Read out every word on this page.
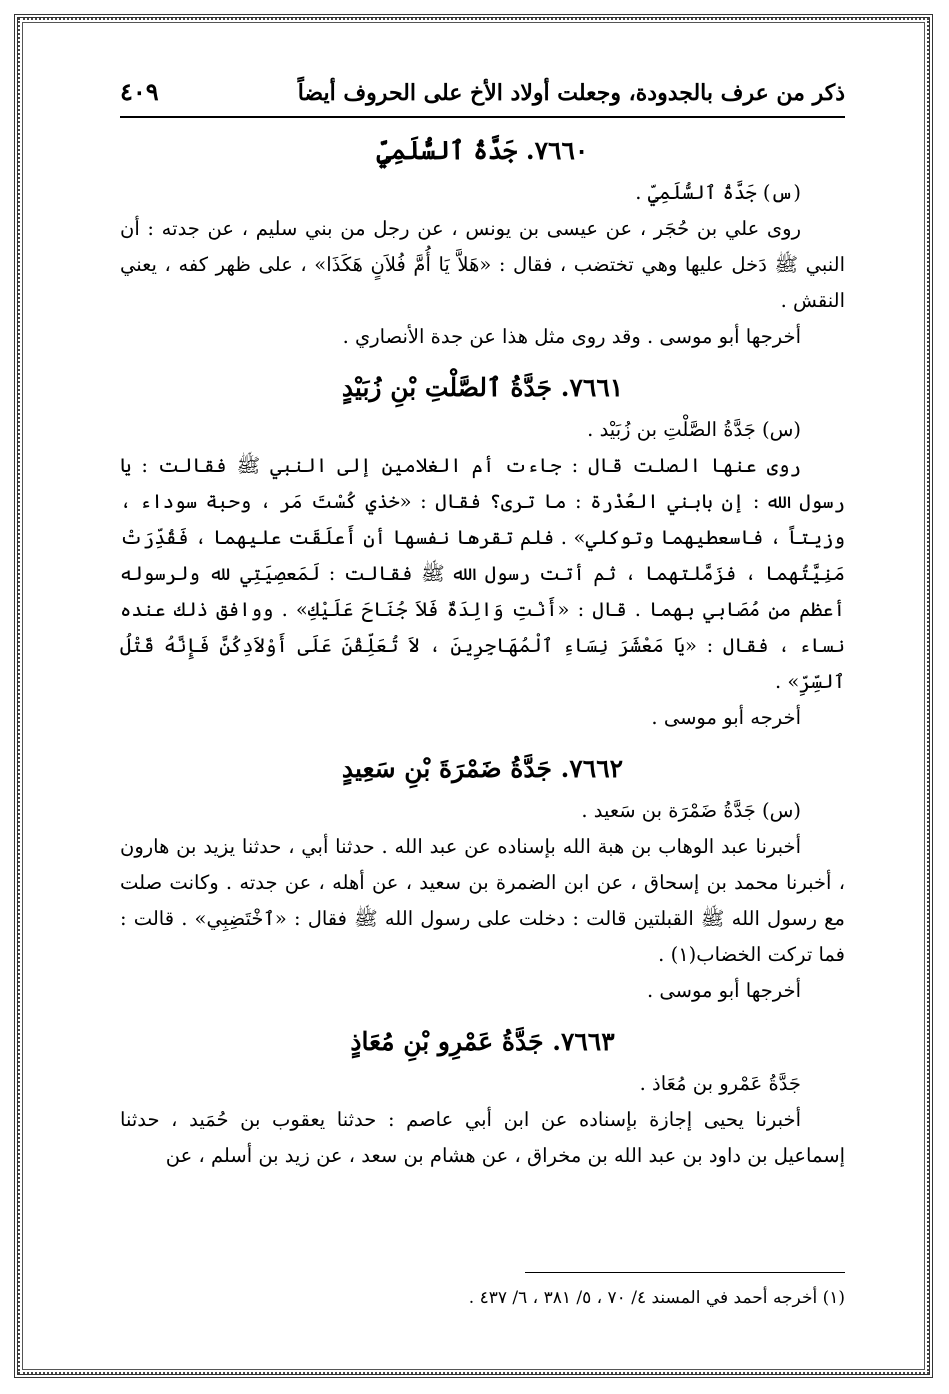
ذكر من عرف بالجدودة، وجعلت أولاد الأخ على الحروف أيضاً
٤٠٩
٧٦٦٠. جَدَّةُ ٱلسُّلَمِيِّ

(س) جَدَّةُ ٱلسُّلَمِيِّ .

روى علي بن حُجَر ، عن عيسى بن يونس ، عن رجل من بني سليم ، عن جدته : أن النبي ﷺ دَخل عليها وهي تختضب ، فقال : «هَلاَّ يَا أُمَّ فُلاَنٍ هَكَذَا» ، على ظهر كفه ، يعني النقش .

أخرجها أبو موسى . وقد روى مثل هذا عن جدة الأنصاري .

٧٦٦١. جَدَّةُ ٱلصَّلْتِ بْنِ زُبَيْدٍ

(س) جَدَّةُ الصَّلْتِ بن زُبَيْد .

روى عنها الصلت قال : جاءت أم الغلامين إلى النبي ﷺ فقالت : يا رسول الله : إن بابني العُذْرة : ما ترى؟ فقال : «خذي كُسْتَ مَر ، وحبة سوداء ، وزيتاً ، فاسعطيهما وتوكلي» . فلم تقرها نفسها أن أَعلَقَت عليهما ، فَقُدِّرَتْ مَنِيَّتُهما ، فزَمَّلتهما ، ثم أتت رسول الله ﷺ فقالت : لَمَعصِيَتِي لله ولرسوله أعظم من مُصَابي بهما . قال : «أَنْتِ وَالِدَةٌ فَلاَ جُنَاحَ عَلَيْكِ» . ووافق ذلك عنده نساء ، فقال : «يَا مَعْشَرَ نِسَاءِ ٱلْمُهَاجِرِينَ ، لاَ تُعَلِّقْنَ عَلَى أَوْلاَدِكُنَّ فَإِنَّهُ قَتْلُ ٱلسِّرِّ» .

أخرجه أبو موسى .

٧٦٦٢. جَدَّةُ ضَمْرَةَ بْنِ سَعِيدٍ

(س) جَدَّةُ ضَمْرَة بن سَعيد .

أخبرنا عبد الوهاب بن هبة الله بإسناده عن عبد الله . حدثنا أبي ، حدثنا يزيد بن هارون ، أخبرنا محمد بن إسحاق ، عن ابن الضمرة بن سعيد ، عن أهله ، عن جدته . وكانت صلت مع رسول الله ﷺ القبلتين قالت : دخلت على رسول الله ﷺ فقال : «ٱخْتَضِبِي» . قالت : فما تركت الخضاب(١) .

أخرجها أبو موسى .

٧٦٦٣. جَدَّةُ عَمْرِو بْنِ مُعَاذٍ

جَدَّةُ عَمْرو بن مُعَاذ .

أخبرنا يحيى إجازة بإسناده عن ابن أبي عاصم : حدثنا يعقوب بن حُمَيد ، حدثنا إسماعيل بن داود بن عبد الله بن مخراق ، عن هشام بن سعد ، عن زيد بن أسلم ، عن

(١) أخرجه أحمد في المسند ٤/ ٧٠ ، ٥/ ٣٨١ ، ٦/ ٤٣٧ .
